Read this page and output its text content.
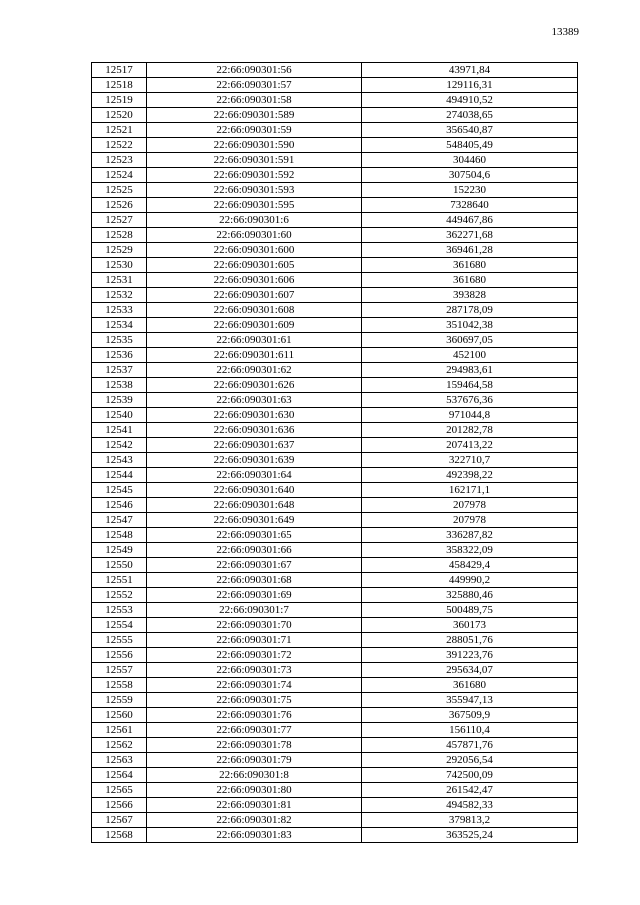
13389
12517	22:66:090301:56	43971,84
12518	22:66:090301:57	129116,31
12519	22:66:090301:58	494910,52
12520	22:66:090301:589	274038,65
12521	22:66:090301:59	356540,87
12522	22:66:090301:590	548405,49
12523	22:66:090301:591	304460
12524	22:66:090301:592	307504,6
12525	22:66:090301:593	152230
12526	22:66:090301:595	7328640
12527	22:66:090301:6	449467,86
12528	22:66:090301:60	362271,68
12529	22:66:090301:600	369461,28
12530	22:66:090301:605	361680
12531	22:66:090301:606	361680
12532	22:66:090301:607	393828
12533	22:66:090301:608	287178,09
12534	22:66:090301:609	351042,38
12535	22:66:090301:61	360697,05
12536	22:66:090301:611	452100
12537	22:66:090301:62	294983,61
12538	22:66:090301:626	159464,58
12539	22:66:090301:63	537676,36
12540	22:66:090301:630	971044,8
12541	22:66:090301:636	201282,78
12542	22:66:090301:637	207413,22
12543	22:66:090301:639	322710,7
12544	22:66:090301:64	492398,22
12545	22:66:090301:640	162171,1
12546	22:66:090301:648	207978
12547	22:66:090301:649	207978
12548	22:66:090301:65	336287,82
12549	22:66:090301:66	358322,09
12550	22:66:090301:67	458429,4
12551	22:66:090301:68	449990,2
12552	22:66:090301:69	325880,46
12553	22:66:090301:7	500489,75
12554	22:66:090301:70	360173
12555	22:66:090301:71	288051,76
12556	22:66:090301:72	391223,76
12557	22:66:090301:73	295634,07
12558	22:66:090301:74	361680
12559	22:66:090301:75	355947,13
12560	22:66:090301:76	367509,9
12561	22:66:090301:77	156110,4
12562	22:66:090301:78	457871,76
12563	22:66:090301:79	292056,54
12564	22:66:090301:8	742500,09
12565	22:66:090301:80	261542,47
12566	22:66:090301:81	494582,33
12567	22:66:090301:82	379813,2
12568	22:66:090301:83	363525,24
